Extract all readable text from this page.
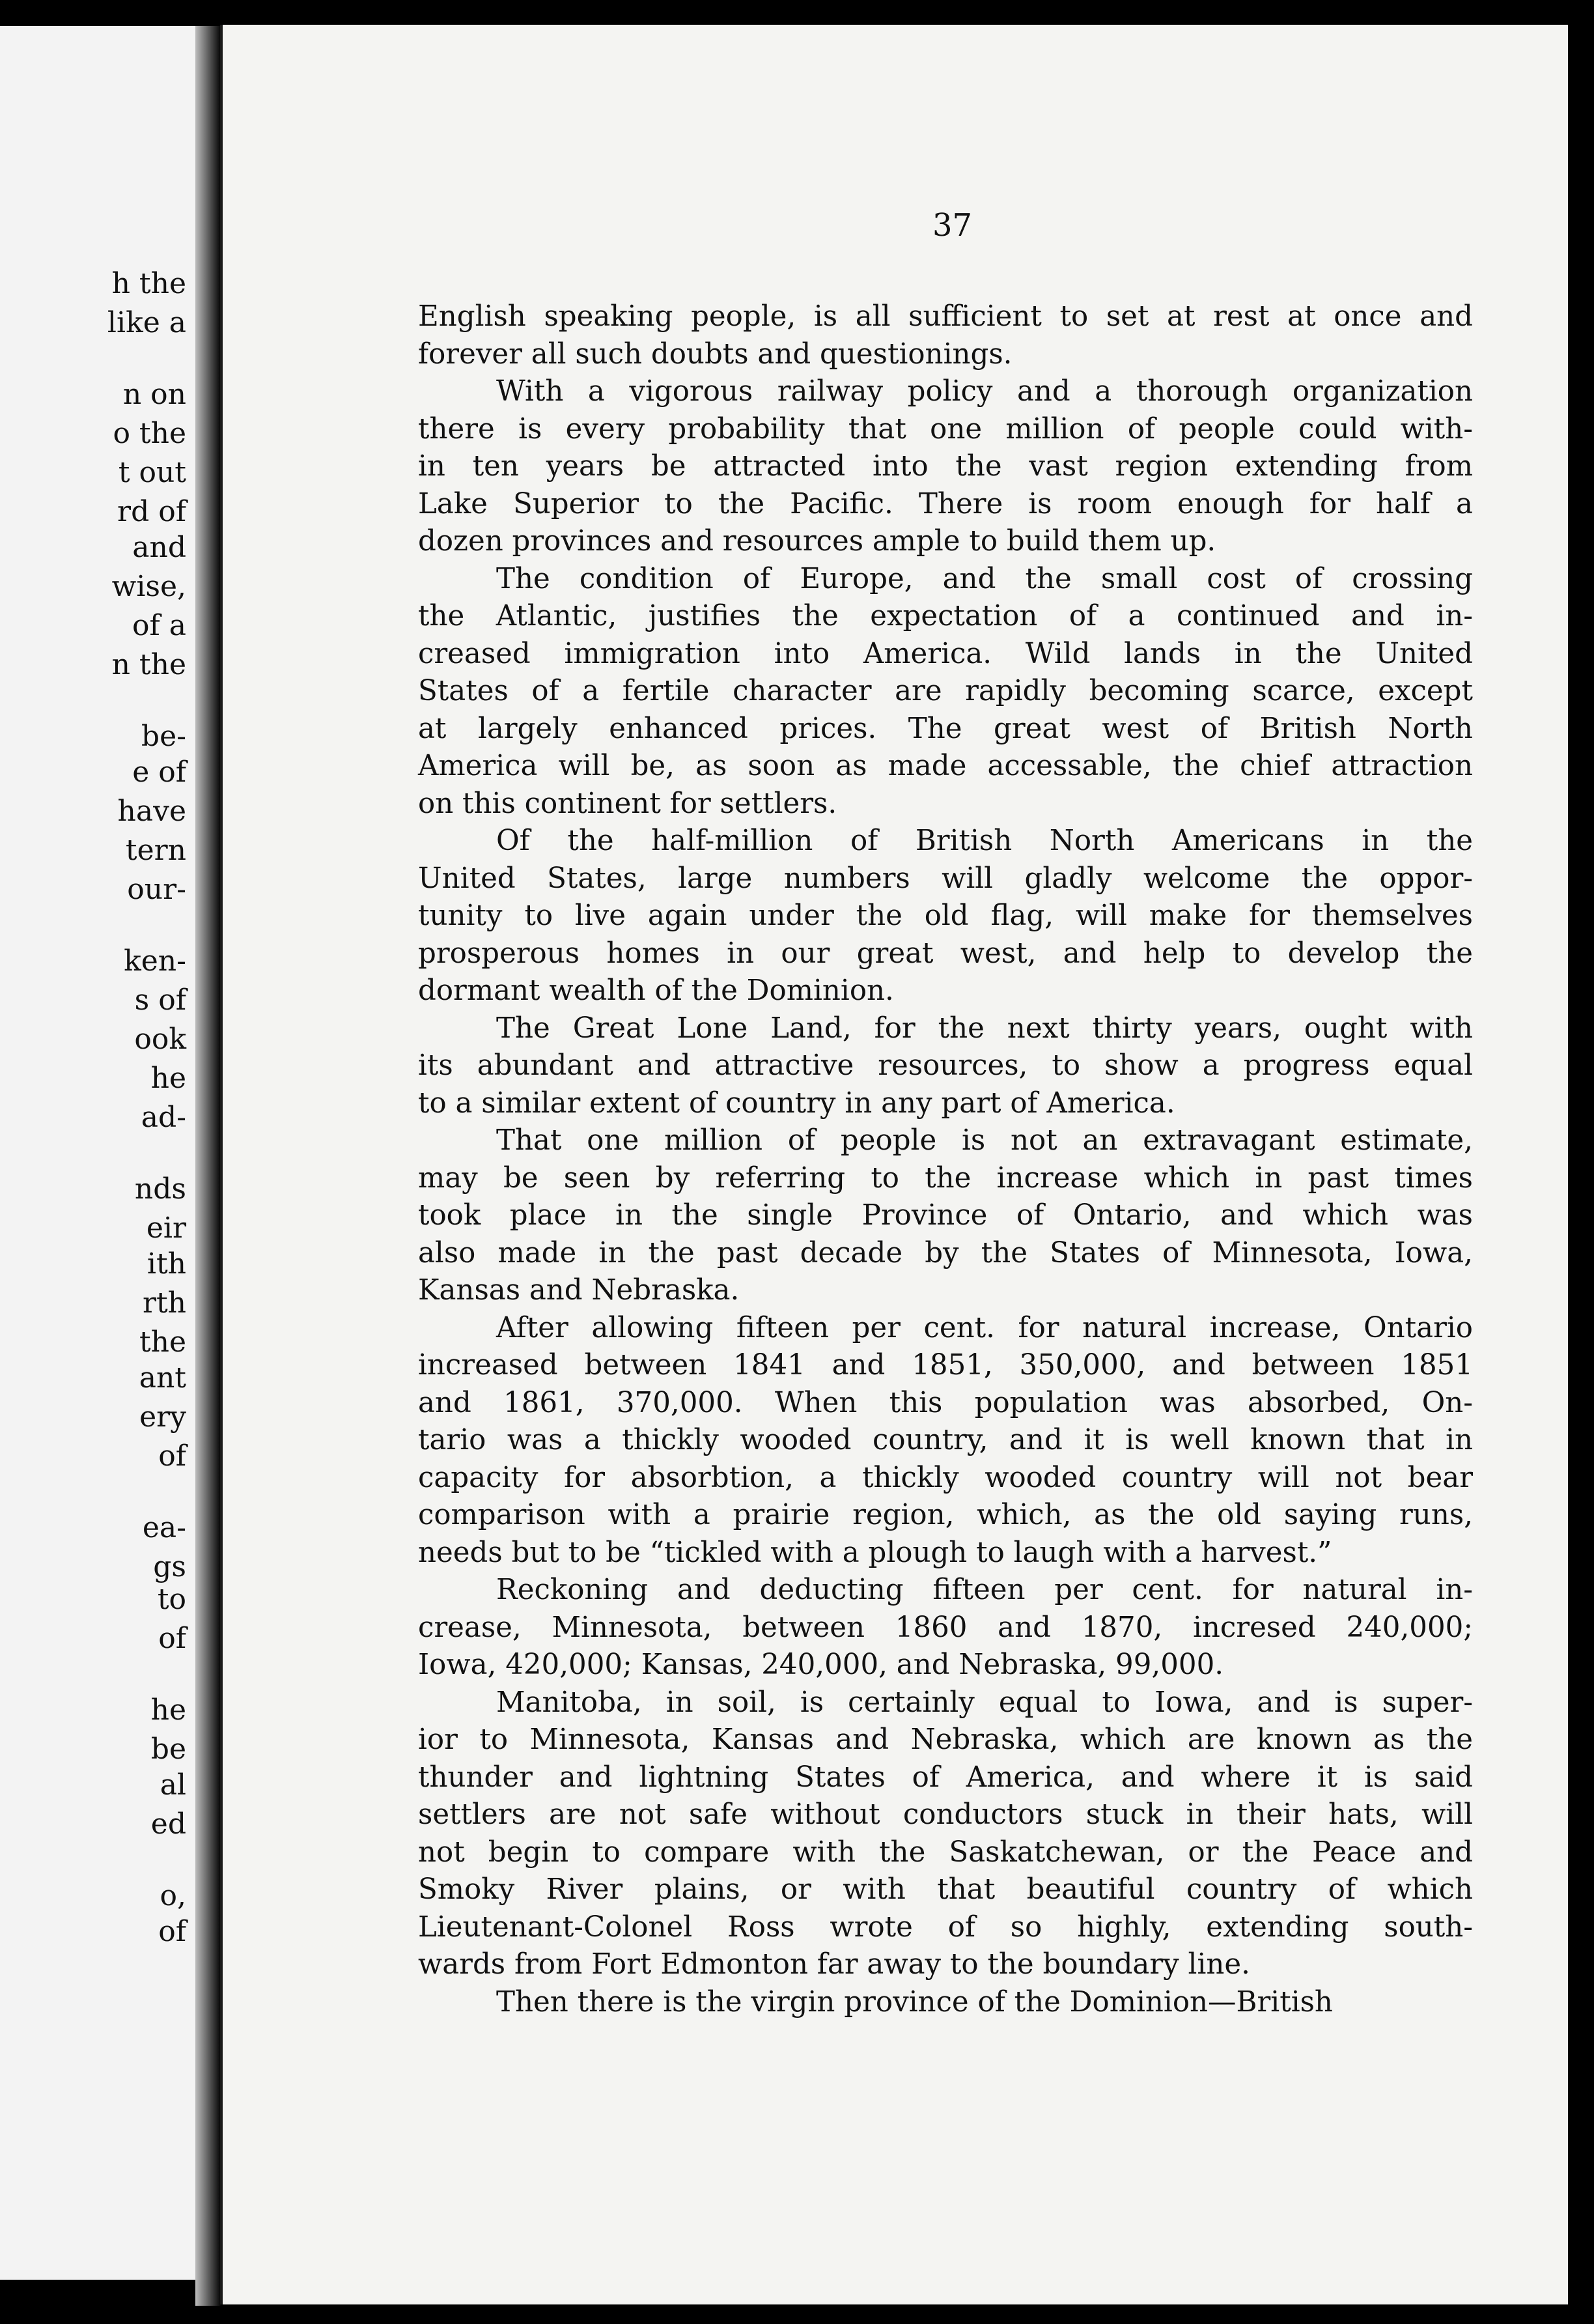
h the
like a
n on
o the
t out
rd of
and
wise,
of a
n the
be-
e of
have
tern
our-
ken-
s of
ook
he
ad-
nds
eir
ith
rth
the
ant
ery
of
ea-
gs
to
of
he
be
al
ed
o,
of
37
English speaking people, is all sufficient to set at rest at once and
forever all such doubts and questionings.
With a vigorous railway policy and a thorough organization
there is every probability that one million of people could with-
in ten years be attracted into the vast region extending from
Lake Superior to the Pacific. There is room enough for half a
dozen provinces and resources ample to build them up.
The condition of Europe, and the small cost of crossing
the Atlantic, justifies the expectation of a continued and in-
creased immigration into America. Wild lands in the United
States of a fertile character are rapidly becoming scarce, except
at largely enhanced prices. The great west of British North
America will be, as soon as made accessable, the chief attraction
on this continent for settlers.
Of the half-million of British North Americans in the
United States, large numbers will gladly welcome the oppor-
tunity to live again under the old flag, will make for themselves
prosperous homes in our great west, and help to develop the
dormant wealth of the Dominion.
The Great Lone Land, for the next thirty years, ought with
its abundant and attractive resources, to show a progress equal
to a similar extent of country in any part of America.
That one million of people is not an extravagant estimate,
may be seen by referring to the increase which in past times
took place in the single Province of Ontario, and which was
also made in the past decade by the States of Minnesota, Iowa,
Kansas and Nebraska.
After allowing fifteen per cent. for natural increase, Ontario
increased between 1841 and 1851, 350,000, and between 1851
and 1861, 370,000. When this population was absorbed, On-
tario was a thickly wooded country, and it is well known that in
capacity for absorbtion, a thickly wooded country will not bear
comparison with a prairie region, which, as the old saying runs,
needs but to be “tickled with a plough to laugh with a harvest.”
Reckoning and deducting fifteen per cent. for natural in-
crease, Minnesota, between 1860 and 1870, incresed 240,000;
Iowa, 420,000; Kansas, 240,000, and Nebraska, 99,000.
Manitoba, in soil, is certainly equal to Iowa, and is super-
ior to Minnesota, Kansas and Nebraska, which are known as the
thunder and lightning States of America, and where it is said
settlers are not safe without conductors stuck in their hats, will
not begin to compare with the Saskatchewan, or the Peace and
Smoky River plains, or with that beautiful country of which
Lieutenant-Colonel Ross wrote of so highly, extending south-
wards from Fort Edmonton far away to the boundary line.
Then there is the virgin province of the Dominion—British
